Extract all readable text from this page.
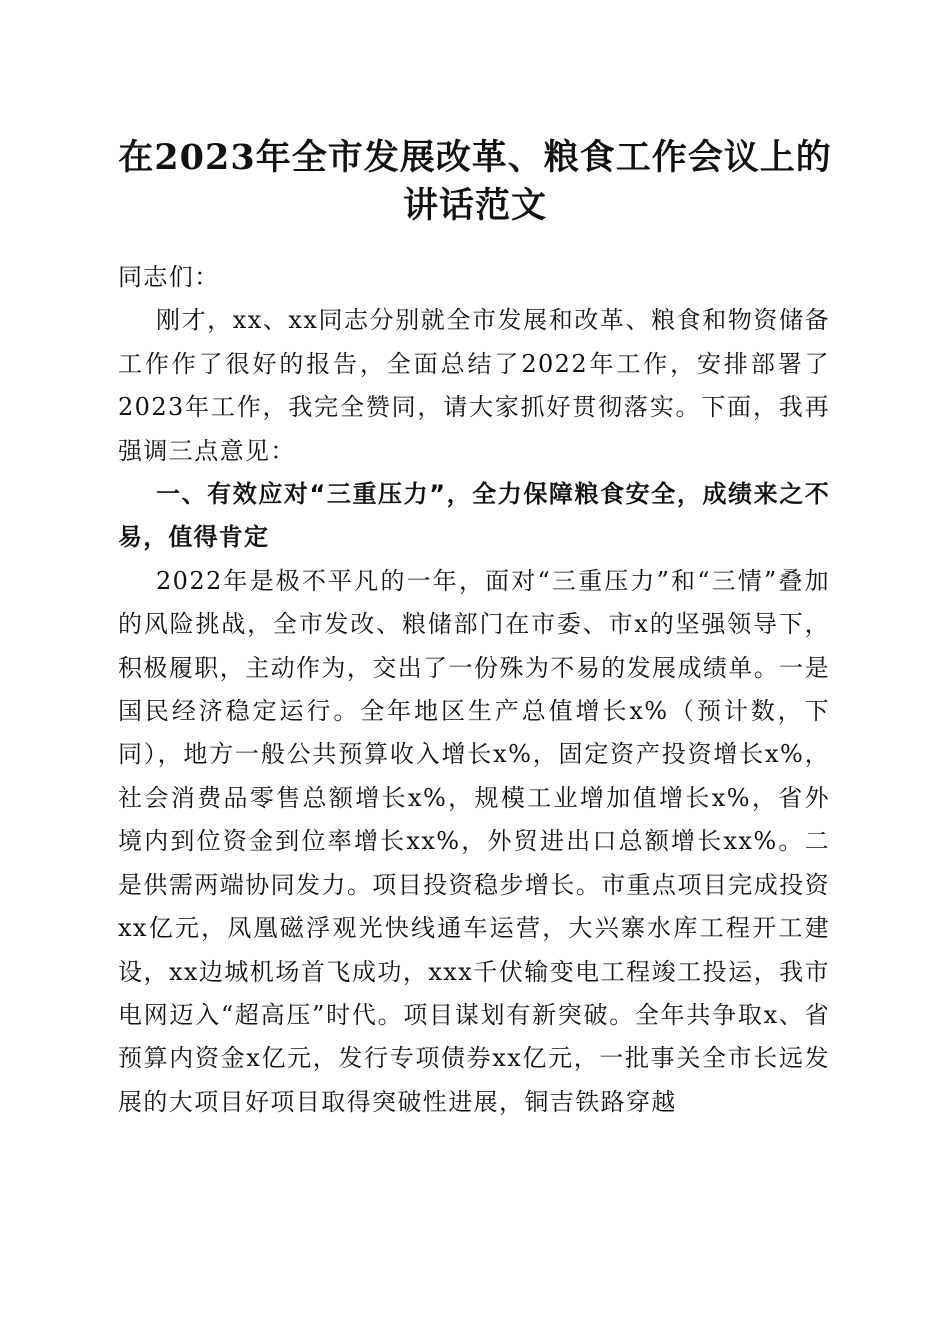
在2023年全市发展改革、粮食工作会议上的
讲话范文

同志们：

刚才，xx、xx同志分别就全市发展和改革、粮食和物资储备工作作了很好的报告，全面总结了2022年工作，安排部署了2023年工作，我完全赞同，请大家抓好贯彻落实。下面，我再强调三点意见：

一、有效应对“三重压力”，全力保障粮食安全，成绩来之不易，值得肯定

2022年是极不平凡的一年，面对“三重压力”和“三情”叠加的风险挑战，全市发改、粮储部门在市委、市x的坚强领导下，积极履职，主动作为，交出了一份殊为不易的发展成绩单。一是国民经济稳定运行。全年地区生产总值增长x%（预计数，下同），地方一般公共预算收入增长x%，固定资产投资增长x%，社会消费品零售总额增长x%，规模工业增加值增长x%，省外境内到位资金到位率增长xx%，外贸进出口总额增长xx%。二是供需两端协同发力。项目投资稳步增长。市重点项目完成投资xx亿元，凤凰磁浮观光快线通车运营，大兴寨水库工程开工建设，xx边城机场首飞成功，xxx千伏输变电工程竣工投运，我市电网迈入“超高压”时代。项目谋划有新突破。全年共争取x、省预算内资金x亿元，发行专项债券xx亿元，一批事关全市长远发展的大项目好项目取得突破性进展，铜吉铁路穿越
